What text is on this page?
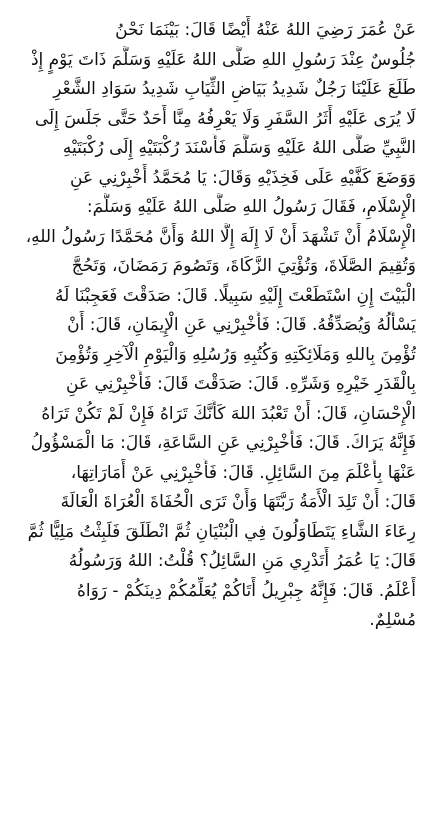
عَنْ عُمَرَ رَضِيَ اللهُ عَنْهُ أَيْضًا قَالَ: بَيْنَمَا نَحْنُ
جُلُوسٌ عِنْدَ رَسُولِ اللهِ صَلَّى اللهُ عَلَيْهِ وَسَلَّمَ ذَاتَ يَوْمٍ إِذْ
طَلَعَ عَلَيْنَا رَجُلٌ شَدِيدُ بَيَاضِ الثِّيَابِ شَدِيدُ سَوَادِ الشَّعْرِ
لَا يُرَى عَلَيْهِ أَثَرُ السَّفَرِ وَلَا يَعْرِفُهُ مِنَّا أَحَدٌ حَتَّى جَلَسَ إِلَى
النَّبِيِّ صَلَّى اللهُ عَلَيْهِ وَسَلَّمَ فَأَسْنَدَ رُكْبَتَيْهِ إِلَى رُكْبَتَيْهِ
وَوَضَعَ كَفَّيْهِ عَلَى فَخِذَيْهِ وَقَالَ: يَا مُحَمَّدُ أَخْبِرْنِي عَنِ
الْإِسْلَامِ، فَقَالَ رَسُولُ اللهِ صَلَّى اللهُ عَلَيْهِ وَسَلَّمَ:
الْإِسْلَامُ أَنْ تَشْهَدَ أَنْ لَا إِلَهَ إِلَّا اللهُ وَأَنَّ مُحَمَّدًا رَسُولُ اللهِ،
وَتُقِيمَ الصَّلَاةَ، وَتُؤْتِيَ الزَّكَاةَ، وَتَصُومَ رَمَضَانَ، وَتَحُجَّ
الْبَيْتَ إِنِ اسْتَطَعْتَ إِلَيْهِ سَبِيلًا. قَالَ: صَدَقْتَ فَعَجِبْنَا لَهُ
يَسْأَلُهُ وَيُصَدِّقُهُ. قَالَ: فَأَخْبِرْنِي عَنِ الْإِيمَانِ، قَالَ: أَنْ
تُؤْمِنَ بِاللهِ وَمَلَائِكَتِهِ وَكُتُبِهِ وَرُسُلِهِ وَالْيَوْمِ الْآخِرِ وَتُؤْمِنَ
بِالْقَدَرِ خَيْرِهِ وَشَرِّهِ. قَالَ: صَدَقْتَ قَالَ: فَأَخْبِرْنِي عَنِ
الْإِحْسَانِ، قَالَ: أَنْ تَعْبُدَ اللهَ كَأَنَّكَ تَرَاهُ فَإِنْ لَمْ تَكُنْ تَرَاهُ
فَإِنَّهُ يَرَاكَ. قَالَ: فَأَخْبِرْنِي عَنِ السَّاعَةِ، قَالَ: مَا الْمَسْؤُولُ
عَنْهَا بِأَعْلَمَ مِنَ السَّائِلِ. قَالَ: فَأَخْبِرْنِي عَنْ أَمَارَاتِهَا،
قَالَ: أَنْ تَلِدَ الْأَمَةُ رَبَّتَهَا وَأَنْ تَرَى الْحُفَاةَ الْعُرَاةَ الْعَالَةَ
رِعَاءَ الشَّاءِ يَتَطَاوَلُونَ فِي الْبُنْيَانِ ثُمَّ انْطَلَقَ فَلَبِثْتُ مَلِيًّا ثُمَّ
قَالَ: يَا عُمَرُ أَتَدْرِي مَنِ السَّائِلُ؟ قُلْتُ: اللهُ وَرَسُولُهُ
أَعْلَمُ. قَالَ: فَإِنَّهُ جِبْرِيلُ أَتَاكُمْ يُعَلِّمُكُمْ دِينَكُمْ - رَوَاهُ
مُسْلِمٌ.
